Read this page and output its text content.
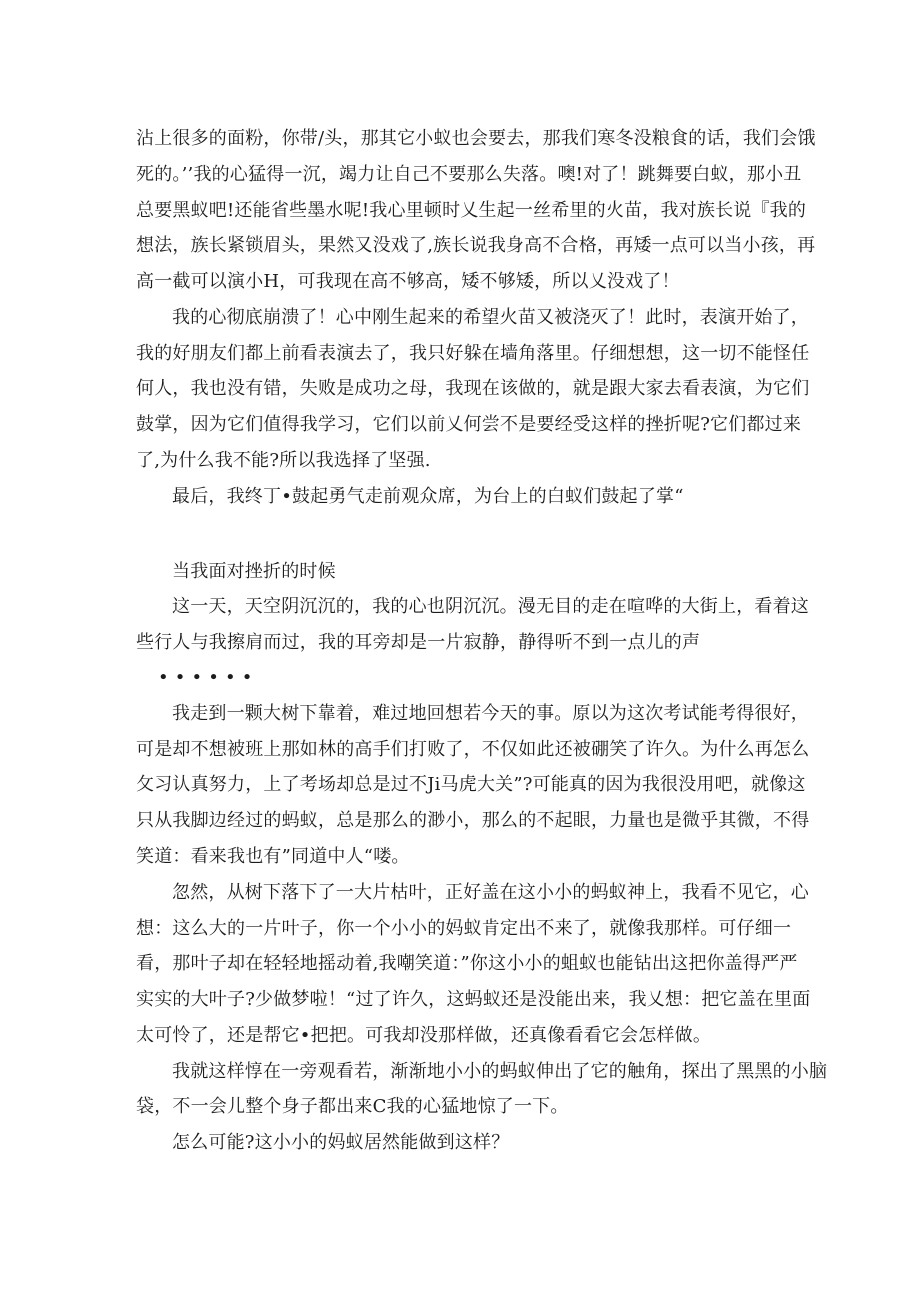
沾上很多的面粉，你带/头，那其它小蚁也会要去，那我们寒冬没粮食的话，我们会饿

死的。’’我的心猛得一沉，竭力让自己不要那么失落。噢!对了！跳舞要白蚁，那小丑

总要黑蚁吧!还能省些墨水呢!我心里顿时乂生起一丝希里的火苗，我对族长说『我的

想法，族长紧锁眉头，果然又没戏了,族长说我身高不合格，再矮一点可以当小孩，再

高一截可以演小H，可我现在高不够高，矮不够矮，所以乂没戏了！

我的心彻底崩溃了！心中刚生起来的希望火苗又被浇灭了！此时，表演开始了，

我的好朋友们都上前看表演去了，我只好躲在墙角落里。仔细想想，这一切不能怪任

何人，我也没有错，失败是成功之母，我现在该做的，就是跟大家去看表演，为它们

鼓掌，因为它们值得我学习，它们以前乂何尝不是要经受这样的挫折呢?它们都过来

了,为什么我不能?所以我选择了坚强.

最后，我终丁•鼓起勇气走前观众席，为台上的白蚁们鼓起了掌“

当我面对挫折的时候

这一天，天空阴沉沉的，我的心也阴沉沉。漫无目的走在喧哗的大街上，看着这

些行人与我擦肩而过，我的耳旁却是一片寂静，静得听不到一点儿的声

• • • • • •

我走到一颗大树下靠着，难过地回想若今天的事。原以为这次考试能考得很好，

可是却不想被班上那如林的高手们打败了，不仅如此还被硼笑了许久。为什么再怎么

攵习认真努力，上了考场却总是过不Ji马虎大关”?可能真的因为我很没用吧，就像这

只从我脚边经过的蚂蚁，总是那么的渺小，那么的不起眼，力量也是微乎其微，不得

笑道：看来我也有”同道中人“喽。

忽然，从树下落下了一大片枯叶，正好盖在这小小的蚂蚁神上，我看不见它，心

想：这么大的一片叶子，你一个小小的妈蚁肯定出不来了，就像我那样。可仔细一

看，那叶子却在轻轻地摇动着,我嘲笑道：”你这小小的蛆蚁也能钻出这把你盖得严严

实实的大叶子?少做梦啦！“过了许久，这蚂蚁还是没能出来，我乂想：把它盖在里面

太可怜了，还是帮它•把把。可我却没那样做，还真像看看它会怎样做。

我就这样惇在一旁观看若，渐渐地小小的蚂蚁伸出了它的触角，探出了黑黑的小脑

袋，不一会儿整个身子都出来C我的心猛地惊了一下。

怎么可能?这小小的妈蚁居然能做到这样？
